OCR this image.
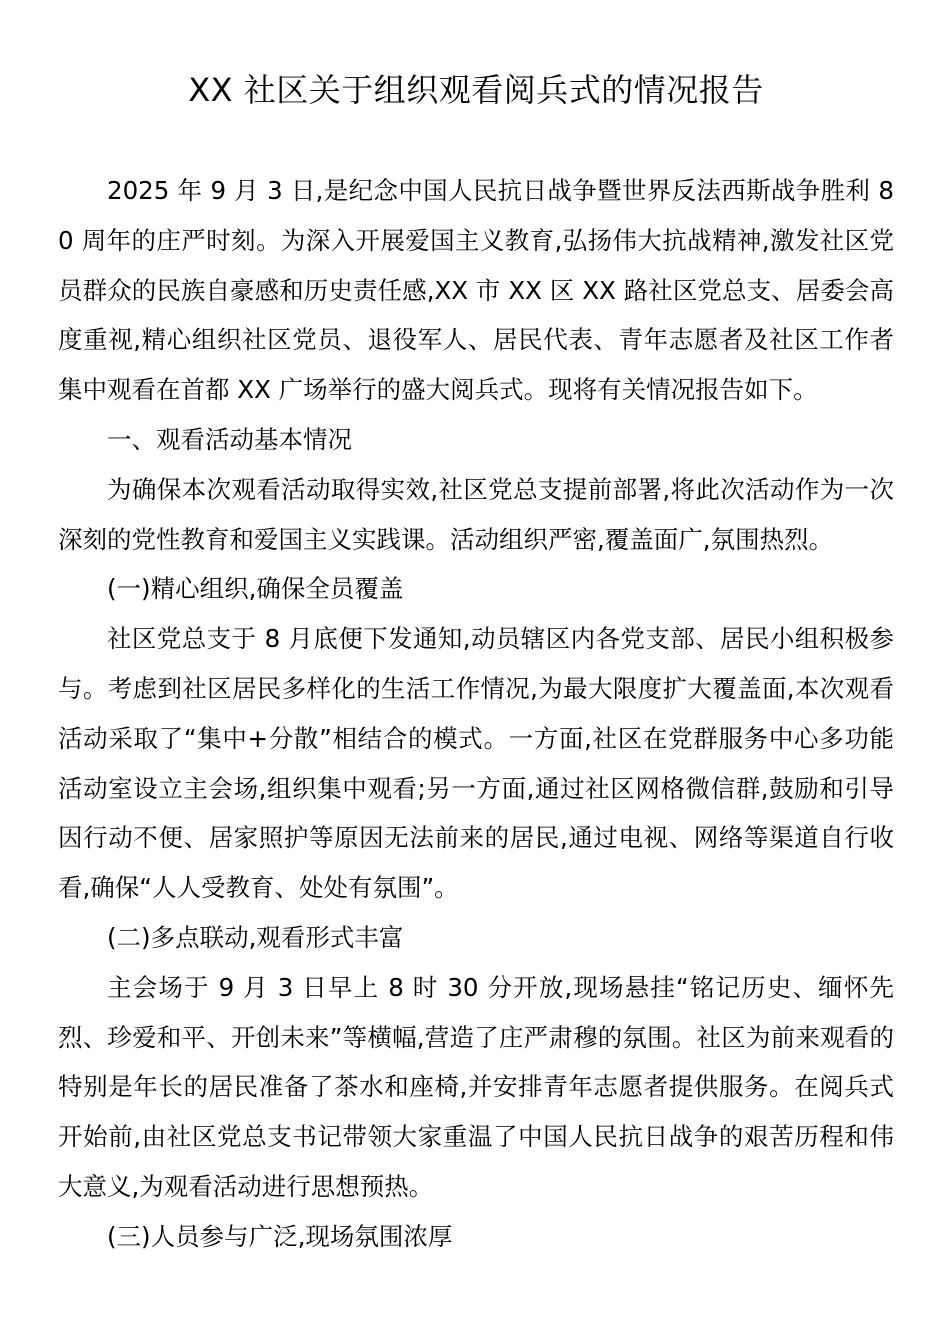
XX 社区关于组织观看阅兵式的情况报告

2025 年 9 月 3 日,是纪念中国人民抗日战争暨世界反法西斯战争胜利 80 周年的庄严时刻。为深入开展爱国主义教育,弘扬伟大抗战精神,激发社区党员群众的民族自豪感和历史责任感,XX 市 XX 区 XX 路社区党总支、居委会高度重视,精心组织社区党员、退役军人、居民代表、青年志愿者及社区工作者集中观看在首都 XX 广场举行的盛大阅兵式。现将有关情况报告如下。

一、观看活动基本情况

为确保本次观看活动取得实效,社区党总支提前部署,将此次活动作为一次深刻的党性教育和爱国主义实践课。活动组织严密,覆盖面广,氛围热烈。

(一)精心组织,确保全员覆盖

社区党总支于 8 月底便下发通知,动员辖区内各党支部、居民小组积极参与。考虑到社区居民多样化的生活工作情况,为最大限度扩大覆盖面,本次观看活动采取了“集中+分散”相结合的模式。一方面,社区在党群服务中心多功能活动室设立主会场,组织集中观看;另一方面,通过社区网格微信群,鼓励和引导因行动不便、居家照护等原因无法前来的居民,通过电视、网络等渠道自行收看,确保“人人受教育、处处有氛围”。

(二)多点联动,观看形式丰富

主会场于 9 月 3 日早上 8 时 30 分开放,现场悬挂“铭记历史、缅怀先烈、珍爱和平、开创未来”等横幅,营造了庄严肃穆的氛围。社区为前来观看的特别是年长的居民准备了茶水和座椅,并安排青年志愿者提供服务。在阅兵式开始前,由社区党总支书记带领大家重温了中国人民抗日战争的艰苦历程和伟大意义,为观看活动进行思想预热。

(三)人员参与广泛,现场氛围浓厚
